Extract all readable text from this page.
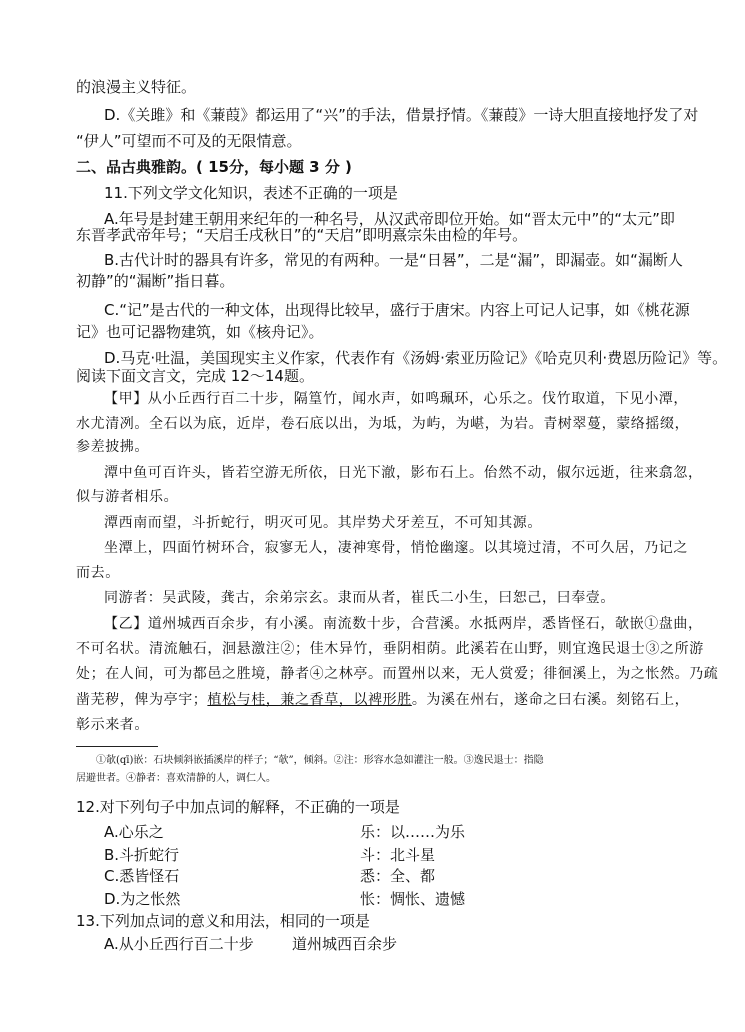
的浪漫主义特征。
D.《关雎》和《蒹葭》都运用了“兴”的手法，借景抒情。《蒹葭》一诗大胆直接地抒发了对
“伊人”可望而不可及的无限情意。
二、品古典雅韵。( 15分，每小题 3 分 )
11.下列文学文化知识，表述不正确的一项是
A.年号是封建王朝用来纪年的一种名号，从汉武帝即位开始。如“晋太元中”的“太元”即
东晋孝武帝年号；“天启壬戌秋日”的“天启”即明熹宗朱由检的年号。
B.古代计时的器具有许多，常见的有两种。一是“日晷”，二是“漏”，即漏壶。如“漏断人
初静”的“漏断”指日暮。
C.“记”是古代的一种文体，出现得比较早，盛行于唐宋。内容上可记人记事，如《桃花源
记》也可记器物建筑，如《核舟记》。
D.马克·吐温，美国现实主义作家，代表作有《汤姆·索亚历险记》《哈克贝利·费恩历险记》等。
阅读下面文言文，完成 12～14题。
【甲】从小丘西行百二十步，隔篁竹，闻水声，如鸣珮环，心乐之。伐竹取道，下见小潭，
水尤清冽。全石以为底，近岸，卷石底以出，为坻，为屿，为嵁，为岩。青树翠蔓，蒙络摇缀，
参差披拂。
潭中鱼可百许头，皆若空游无所依，日光下澈，影布石上。佁然不动，俶尔远逝，往来翕忽，
似与游者相乐。
潭西南而望，斗折蛇行，明灭可见。其岸势犬牙差互，不可知其源。
坐潭上，四面竹树环合，寂寥无人，凄神寒骨，悄怆幽邃。以其境过清，不可久居，乃记之
而去。
同游者：吴武陵，龚古，余弟宗玄。隶而从者，崔氏二小生，曰恕己，曰奉壹。
【乙】道州城西百余步，有小溪。南流数十步，合营溪。水抵两岸，悉皆怪石，欹嵌①盘曲，
不可名状。清流触石，洄悬激注②；佳木异竹，垂阴相荫。此溪若在山野，则宜逸民退士③之所游
处；在人间，可为都邑之胜境，静者④之林亭。而置州以来，无人赏爱；徘徊溪上，为之怅然。乃疏
凿芜秽，俾为亭宇；植松与桂，兼之香草，以裨形胜。为溪在州右，遂命之曰右溪。刻铭石上，
彰示来者。
①欹(qī)嵌：石块倾斜嵌插溪岸的样子；“欹”，倾斜。②注：形容水急如灌注一般。③逸民退士：指隐
居避世者。④静者：喜欢清静的人，调仁人。
12.对下列句子中加点词的解释，不正确的一项是
A.心乐之	乐：以……为乐
B.斗折蛇行	斗：北斗星
C.悉皆怪石	悉：全、都
D.为之怅然	怅：惆怅、遗憾
13.下列加点词的意义和用法，相同的一项是
A.从小丘西行百二十步	道州城西百余步
